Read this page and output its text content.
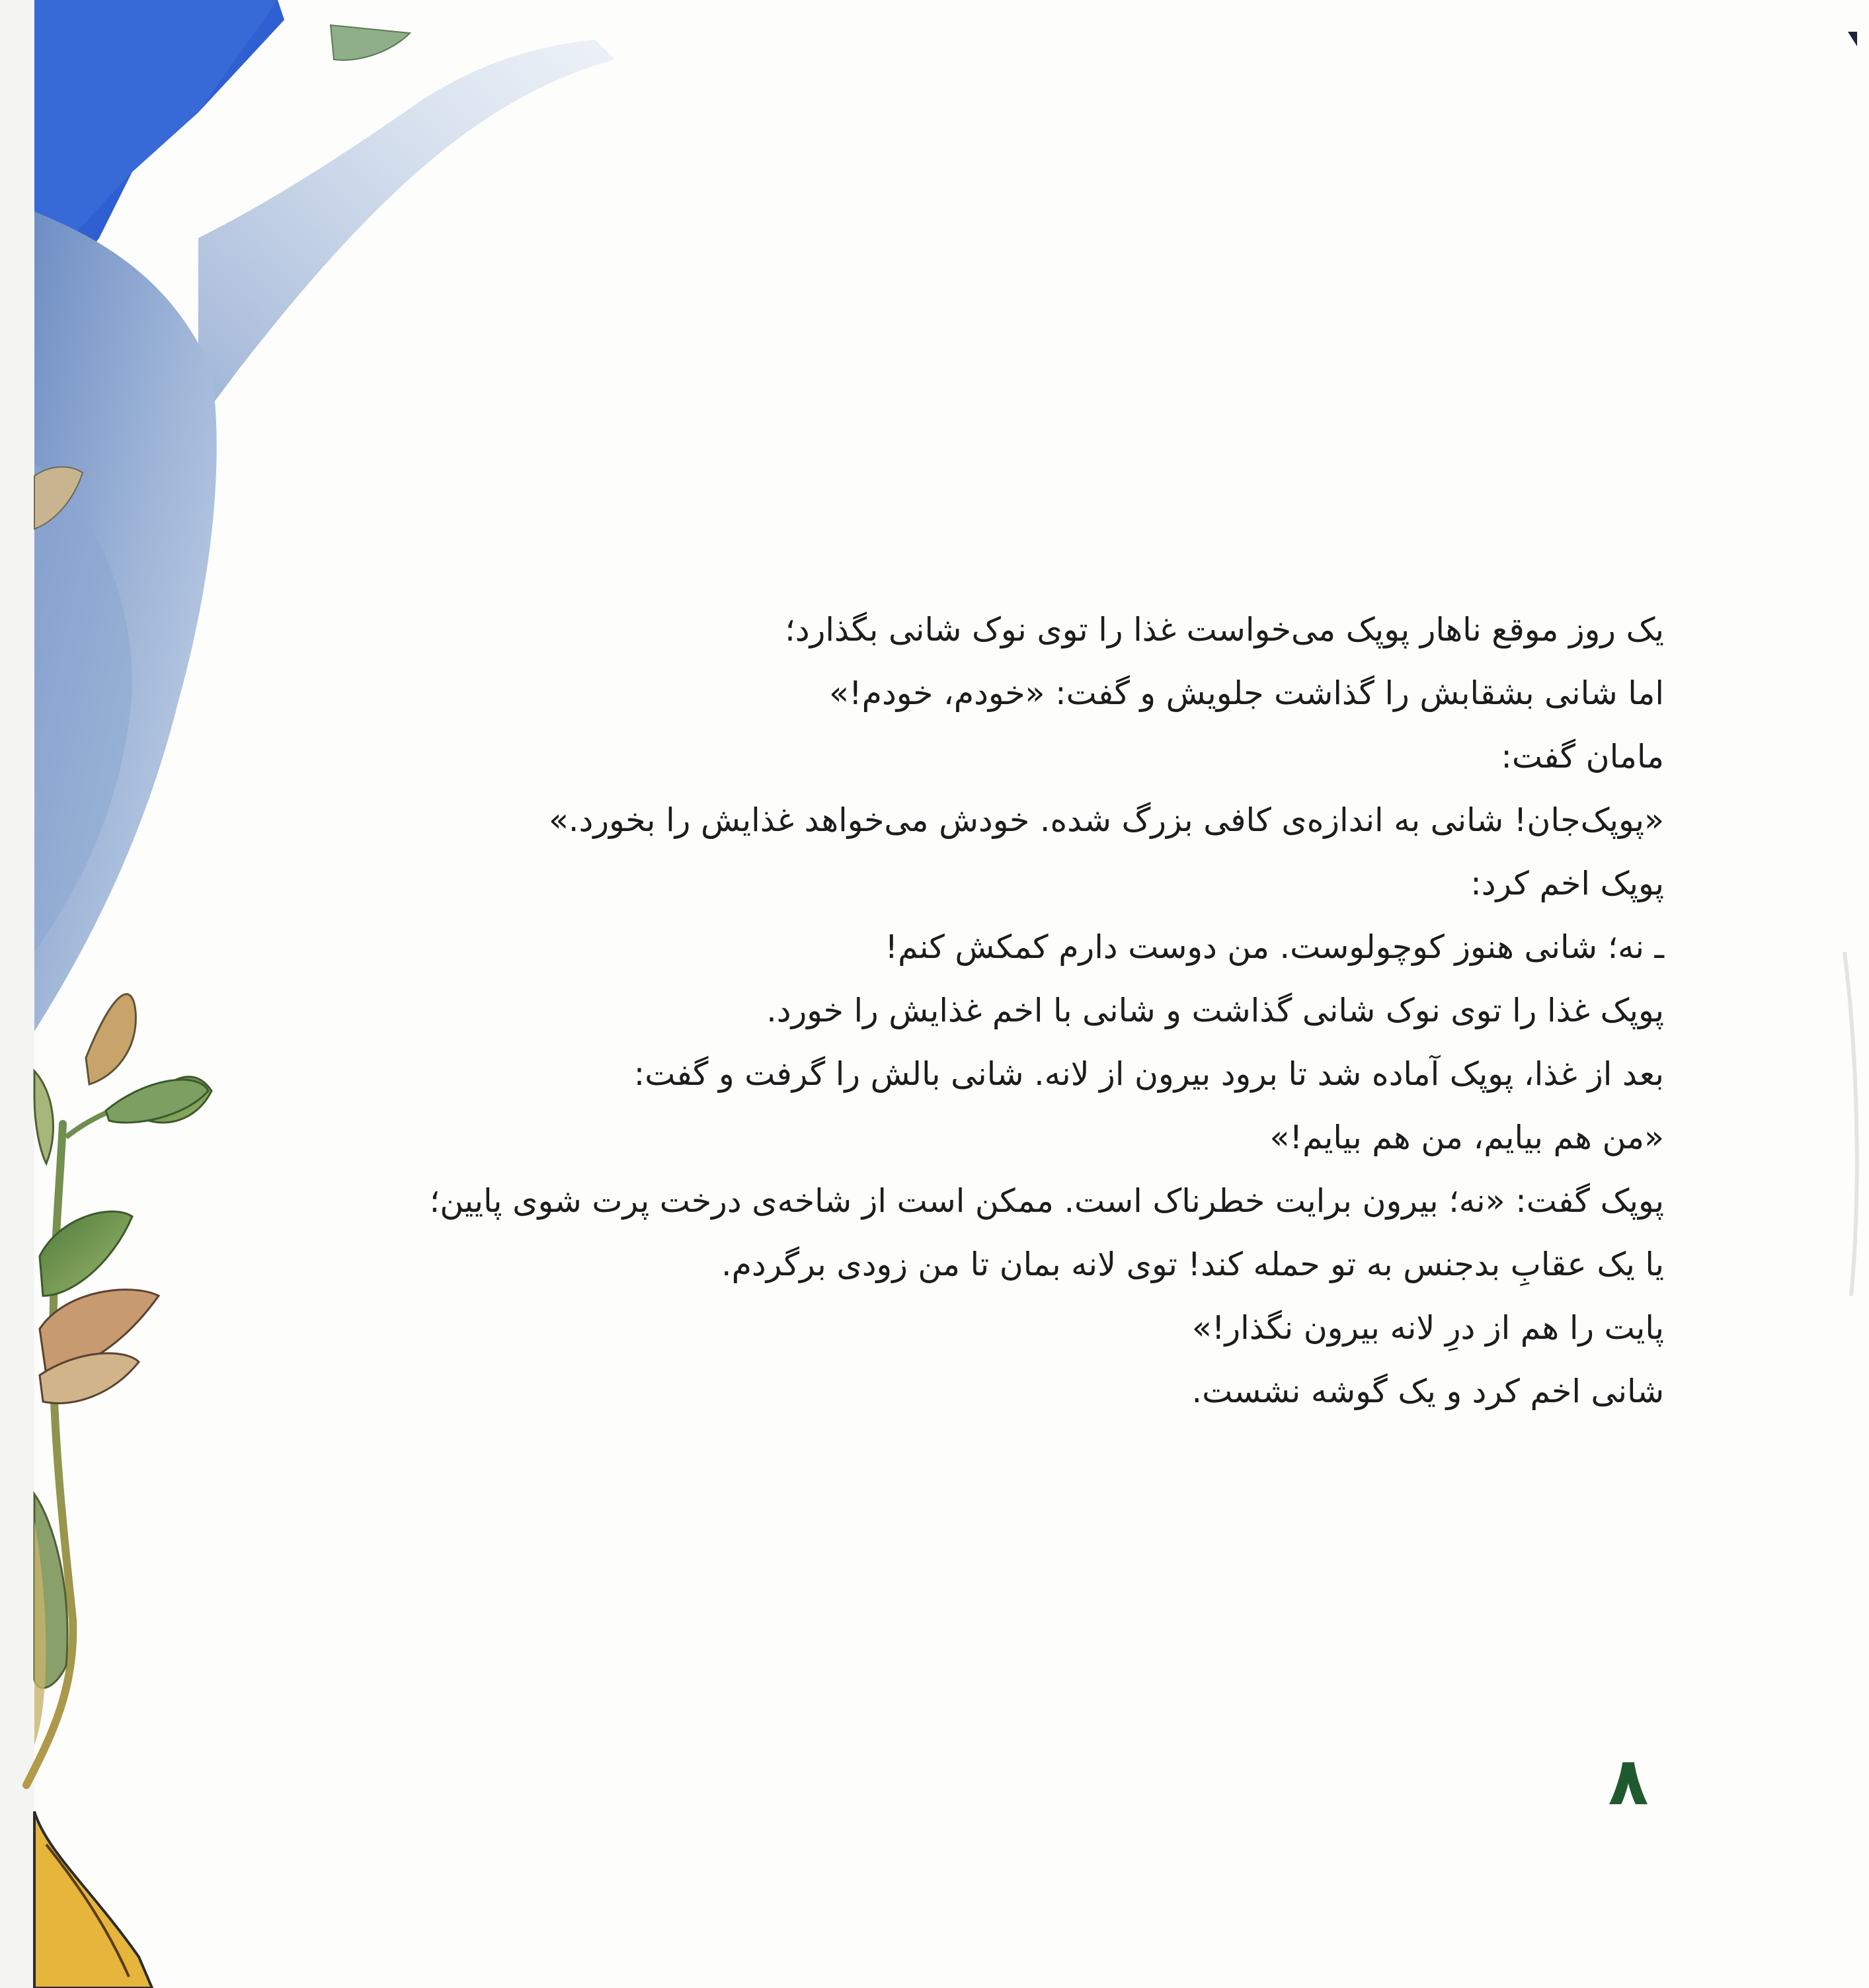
یک روز موقع ناهار پوپک می‌خواست غذا را توی نوک شانی بگذارد؛

اما شانی بشقابش را گذاشت جلویش و گفت: «خودم، خودم!»

مامان گفت:

«پوپک‌جان! شانی به اندازه‌ی کافی بزرگ شده. خودش می‌خواهد غذایش را بخورد.»

پوپک اخم کرد:

ـ نه؛ شانی هنوز کوچولوست. من دوست دارم کمکش کنم!

پوپک غذا را توی نوک شانی گذاشت و شانی با اخم غذایش را خورد.

بعد از غذا، پوپک آماده شد تا برود بیرون از لانه. شانی بالش را گرفت و گفت:

«من هم بیایم، من هم بیایم!»

پوپک گفت: «نه؛ بیرون برایت خطرناک است. ممکن است از شاخه‌ی درخت پرت شوی پایین؛

یا یک عقابِ بدجنس به تو حمله کند! توی لانه بمان تا من زودی برگردم.

پایت را هم از درِ لانه بیرون نگذار!»

شانی اخم کرد و یک گوشه نشست.

۸
